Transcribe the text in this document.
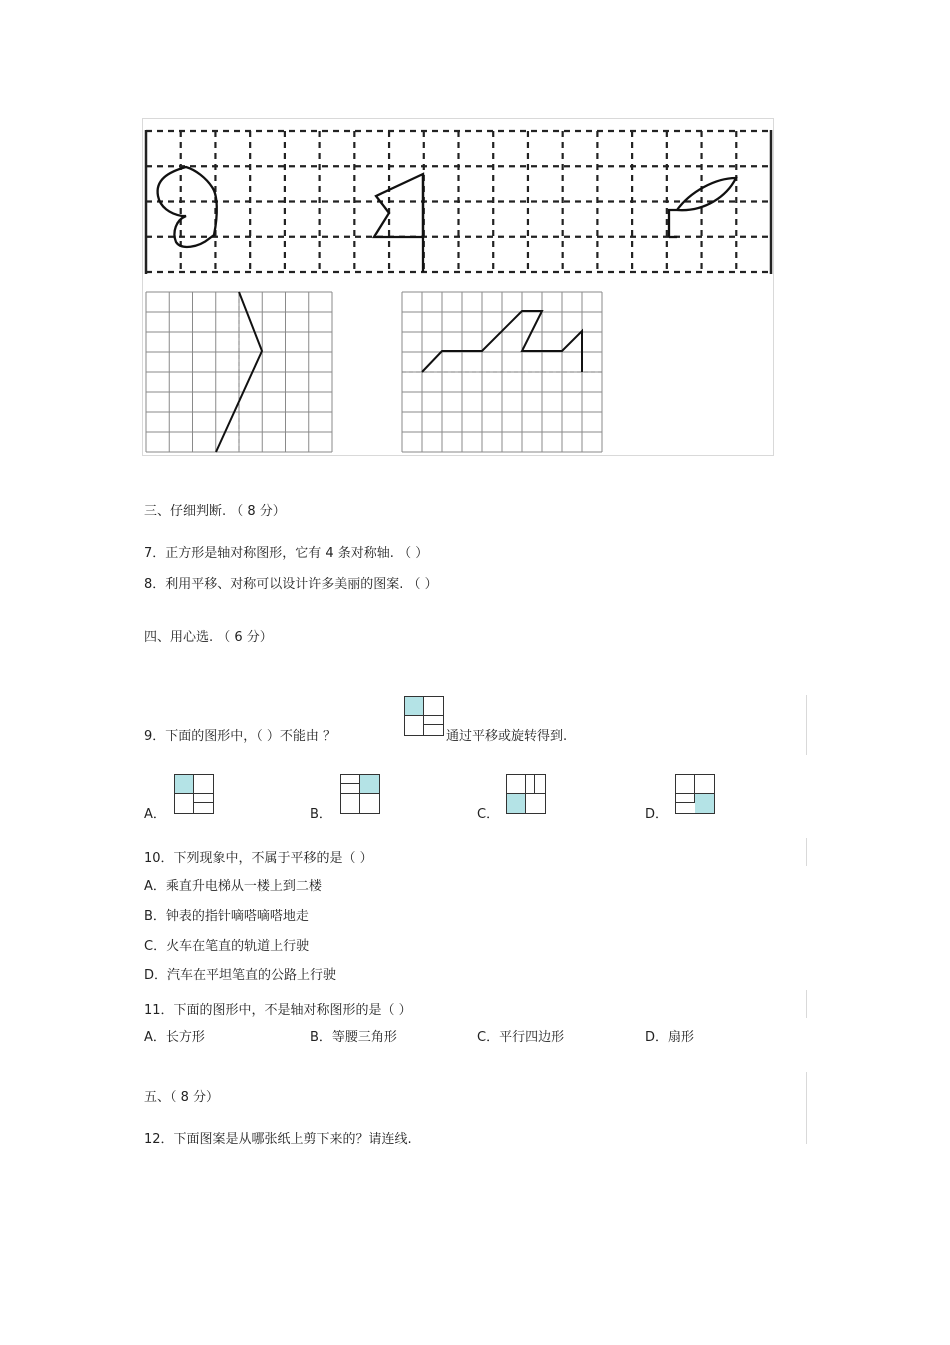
三、仔细判断. （ 8 分）
7．正方形是轴对称图形，它有 4 条对称轴. （ ）
8．利用平移、对称可以设计许多美丽的图案. （ ）
四、用心选. （ 6 分）
9．下面的图形中，（ ）不能由 ？	通过平移或旋转得到.
A．	B．	C．	D．
10．下列现象中，不属于平移的是（ ）
A．乘直升电梯从一楼上到二楼
B．钟表的指针嘀嗒嘀嗒地走
C．火车在笔直的轨道上行驶
D．汽车在平坦笔直的公路上行驶
11．下面的图形中，不是轴对称图形的是（ ）
A．长方形	B．等腰三角形	C．平行四边形	D．扇形
五、（ 8 分）
12．下面图案是从哪张纸上剪下来的？请连线.
